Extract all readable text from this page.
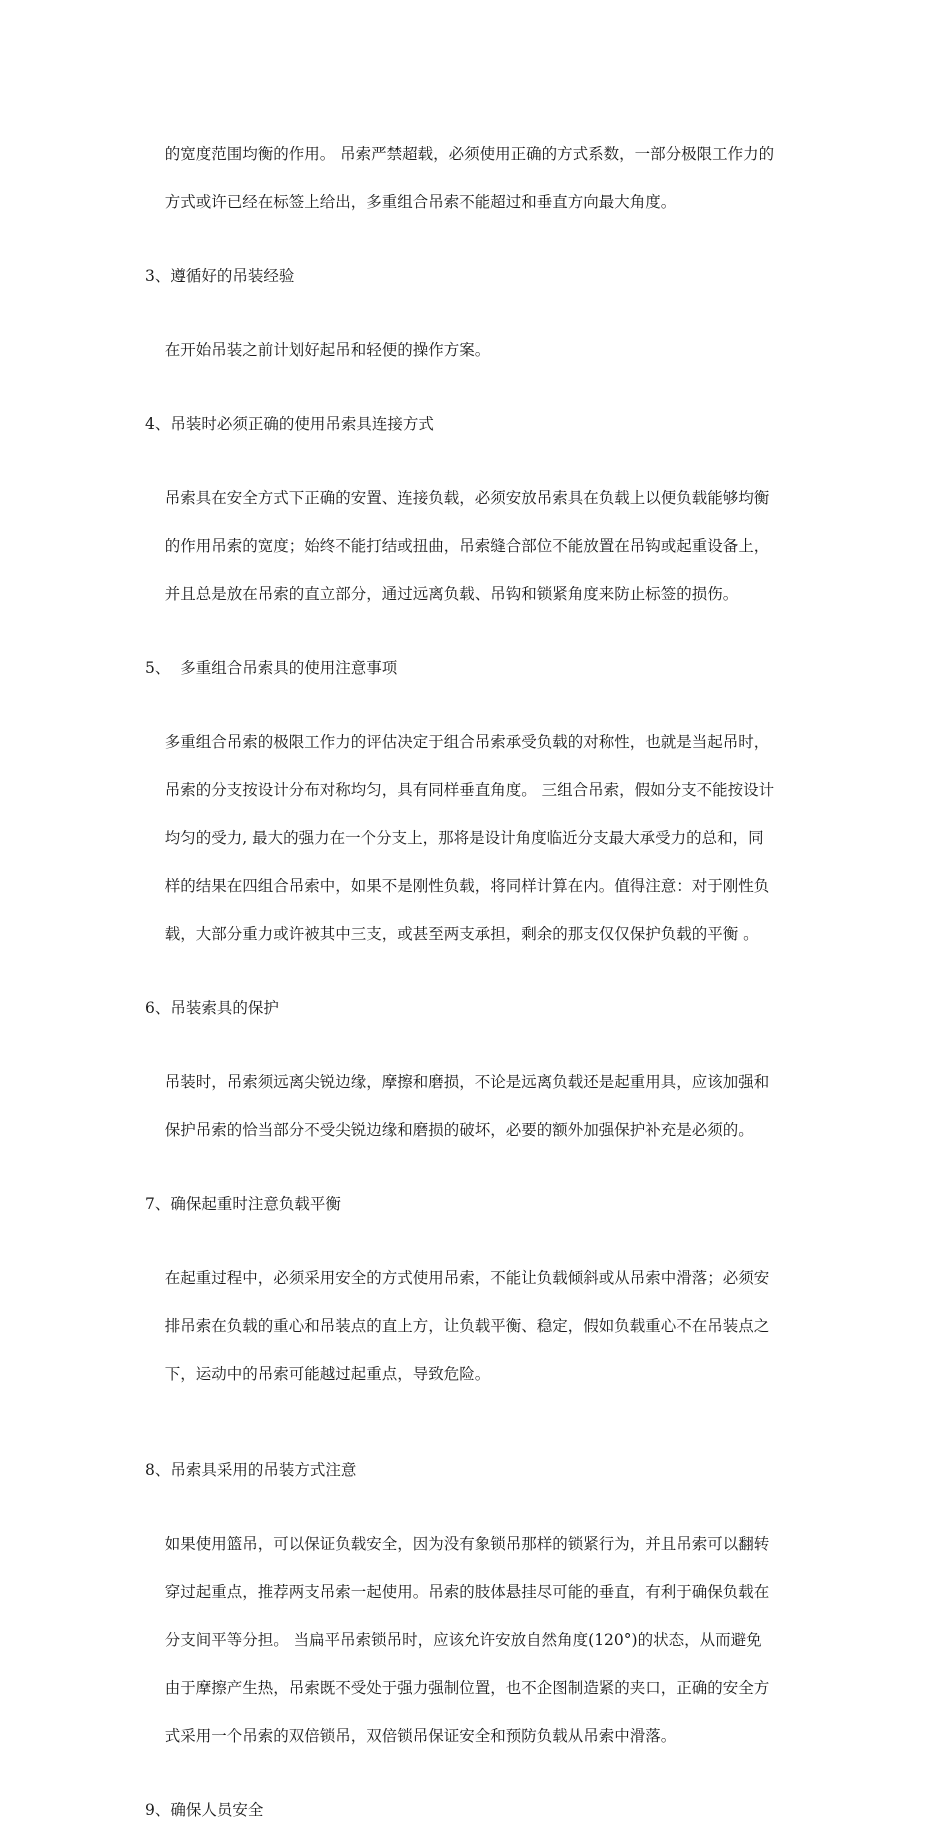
的宽度范围均衡的作用。 吊索严禁超载，必须使用正确的方式系数，一部分极限工作力的

方式或许已经在标签上给出，多重组合吊索不能超过和垂直方向最大角度。

3、遵循好的吊装经验

在开始吊装之前计划好起吊和轻便的操作方案。

4、吊装时必须正确的使用吊索具连接方式

吊索具在安全方式下正确的安置、连接负载，必须安放吊索具在负载上以便负载能够均衡

的作用吊索的宽度；始终不能打结或扭曲，吊索缝合部位不能放置在吊钩或起重设备上，

并且总是放在吊索的直立部分，通过远离负载、吊钩和锁紧角度来防止标签的损伤。

5、  多重组合吊索具的使用注意事项

多重组合吊索的极限工作力的评估决定于组合吊索承受负载的对称性，也就是当起吊时，

吊索的分支按设计分布对称均匀，具有同样垂直角度。 三组合吊索，假如分支不能按设计

均匀的受力, 最大的强力在一个分支上，那将是设计角度临近分支最大承受力的总和，同

样的结果在四组合吊索中，如果不是刚性负载，将同样计算在内。值得注意：对于刚性负

载，大部分重力或许被其中三支，或甚至两支承担，剩余的那支仅仅保护负载的平衡 。

6、吊装索具的保护

吊装时，吊索须远离尖锐边缘，摩擦和磨损，不论是远离负载还是起重用具，应该加强和

保护吊索的恰当部分不受尖锐边缘和磨损的破坏，必要的额外加强保护补充是必须的。

7、确保起重时注意负载平衡

在起重过程中，必须采用安全的方式使用吊索，不能让负载倾斜或从吊索中滑落；必须安

排吊索在负载的重心和吊装点的直上方，让负载平衡、稳定，假如负载重心不在吊装点之

下，运动中的吊索可能越过起重点，导致危险。

8、吊索具采用的吊装方式注意

如果使用篮吊，可以保证负载安全，因为没有象锁吊那样的锁紧行为，并且吊索可以翻转

穿过起重点，推荐两支吊索一起使用。吊索的肢体悬挂尽可能的垂直，有利于确保负载在

分支间平等分担。 当扁平吊索锁吊时，应该允许安放自然角度(120°)的状态，从而避免

由于摩擦产生热，吊索既不受处于强力强制位置，也不企图制造紧的夹口，正确的安全方

式采用一个吊索的双倍锁吊，双倍锁吊保证安全和预防负载从吊索中滑落。

9、确保人员安全
